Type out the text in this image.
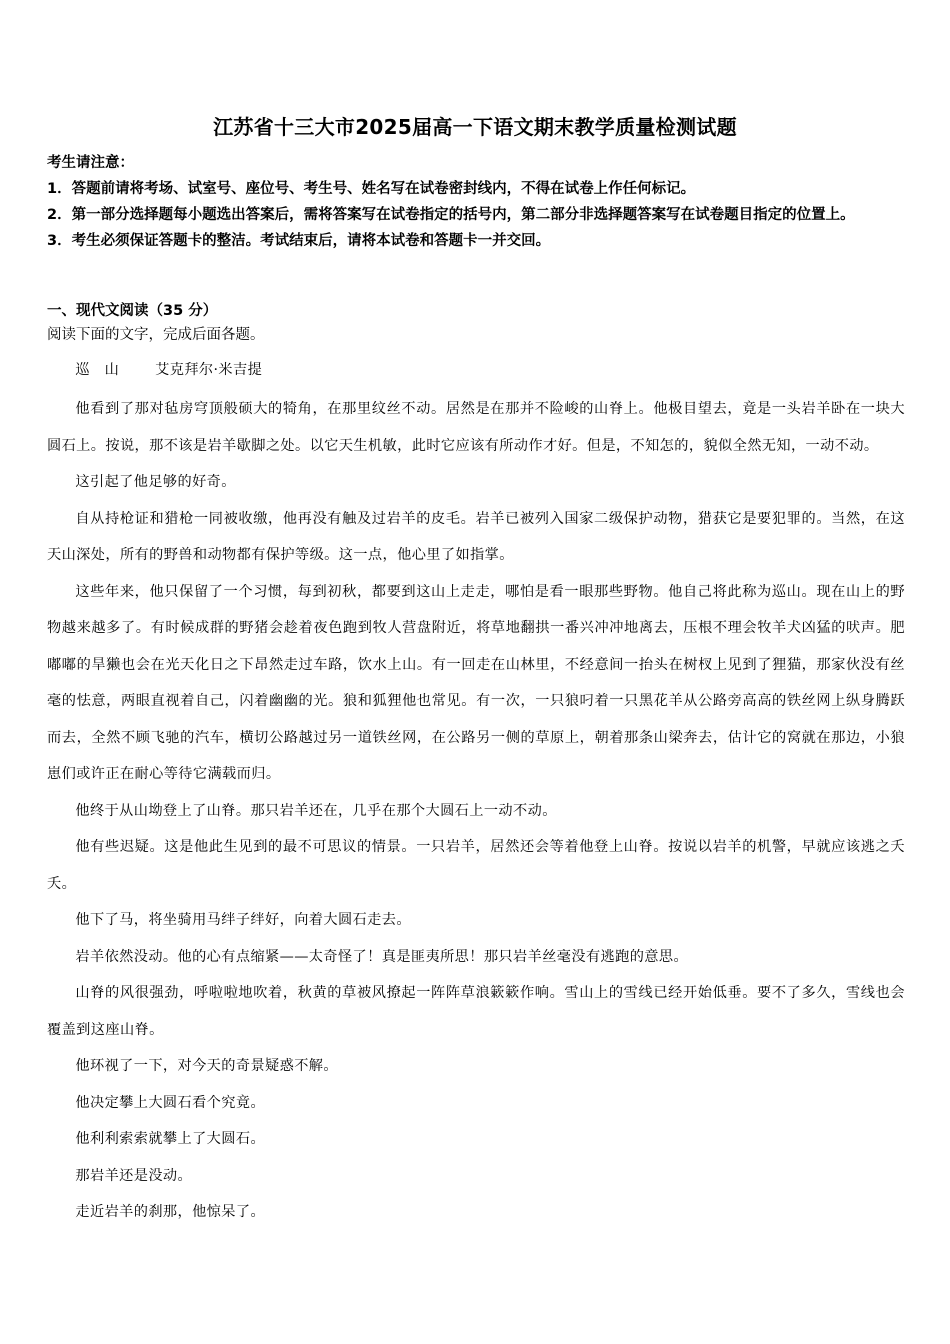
江苏省十三大市2025届高一下语文期末教学质量检测试题

考生请注意：

1．答题前请将考场、试室号、座位号、考生号、姓名写在试卷密封线内，不得在试卷上作任何标记。

2．第一部分选择题每小题选出答案后，需将答案写在试卷指定的括号内，第二部分非选择题答案写在试卷题目指定的位置上。

3．考生必须保证答题卡的整洁。考试结束后，请将本试卷和答题卡一并交回。

一、现代文阅读（35 分）
阅读下面的文字，完成后面各题。

巡　山	艾克拜尔·米吉提

他看到了那对毡房穹顶般硕大的犄角，在那里纹丝不动。居然是在那并不险峻的山脊上。他极目望去，竟是一头岩羊卧在一块大圆石上。按说，那不该是岩羊歇脚之处。以它天生机敏，此时它应该有所动作才好。但是，不知怎的，貌似全然无知，一动不动。

这引起了他足够的好奇。

自从持枪证和猎枪一同被收缴，他再没有触及过岩羊的皮毛。岩羊已被列入国家二级保护动物，猎获它是要犯罪的。当然，在这天山深处，所有的野兽和动物都有保护等级。这一点，他心里了如指掌。

这些年来，他只保留了一个习惯，每到初秋，都要到这山上走走，哪怕是看一眼那些野物。他自己将此称为巡山。现在山上的野物越来越多了。有时候成群的野猪会趁着夜色跑到牧人营盘附近，将草地翻拱一番兴冲冲地离去，压根不理会牧羊犬凶猛的吠声。肥嘟嘟的旱獭也会在光天化日之下昂然走过车路，饮水上山。有一回走在山林里，不经意间一抬头在树杈上见到了狸猫，那家伙没有丝毫的怯意，两眼直视着自己，闪着幽幽的光。狼和狐狸他也常见。有一次，一只狼叼着一只黑花羊从公路旁高高的铁丝网上纵身腾跃而去，全然不顾飞驰的汽车，横切公路越过另一道铁丝网，在公路另一侧的草原上，朝着那条山梁奔去，估计它的窝就在那边，小狼崽们或许正在耐心等待它满载而归。

他终于从山坳登上了山脊。那只岩羊还在，几乎在那个大圆石上一动不动。

他有些迟疑。这是他此生见到的最不可思议的情景。一只岩羊，居然还会等着他登上山脊。按说以岩羊的机警，早就应该逃之夭夭。

他下了马，将坐骑用马绊子绊好，向着大圆石走去。

岩羊依然没动。他的心有点缩紧——太奇怪了！真是匪夷所思！那只岩羊丝毫没有逃跑的意思。

山脊的风很强劲，呼啦啦地吹着，秋黄的草被风撩起一阵阵草浪簌簌作响。雪山上的雪线已经开始低垂。要不了多久，雪线也会覆盖到这座山脊。

他环视了一下，对今天的奇景疑惑不解。

他决定攀上大圆石看个究竟。

他利利索索就攀上了大圆石。

那岩羊还是没动。

走近岩羊的刹那，他惊呆了。
